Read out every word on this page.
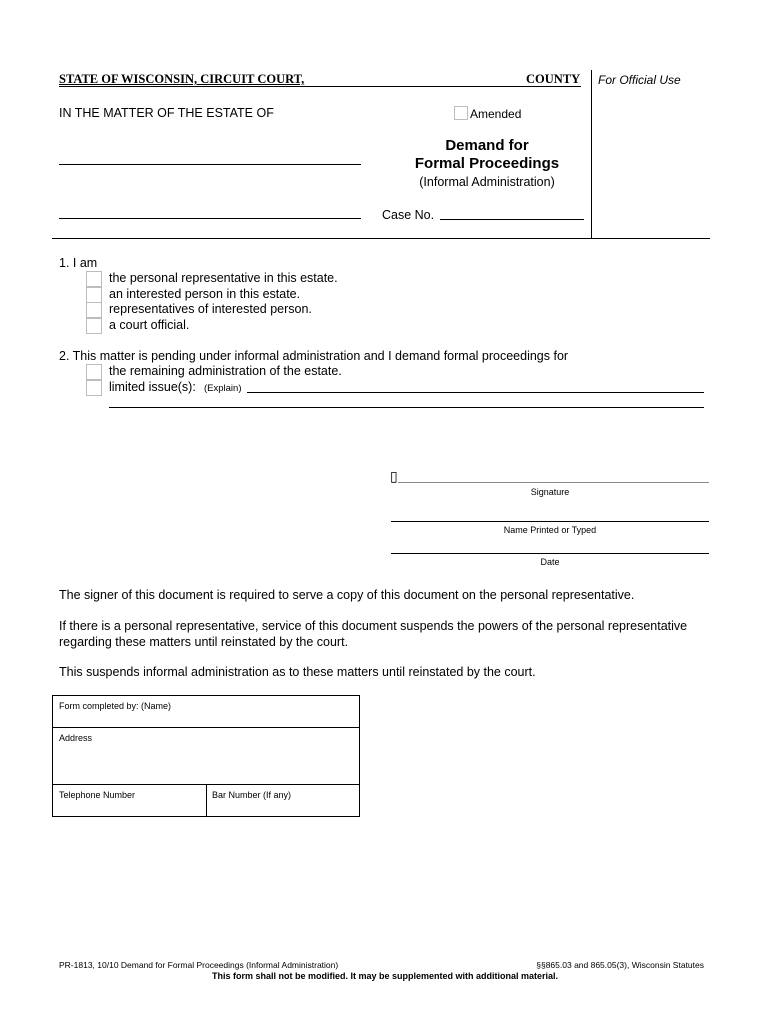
STATE OF WISCONSIN, CIRCUIT COURT,	COUNTY For Official Use
IN THE MATTER OF THE ESTATE OF	Amended
Demand for
Formal Proceedings
(Informal Administration)
Case No.
1. I am
the personal representative in this estate.
an interested person in this estate.
representatives of interested person.
a court official.
2. This matter is pending under informal administration and I demand formal proceedings for
the remaining administration of the estate.
limited issue(s): (Explain)
▯
Signature
Name Printed or Typed
Date
The signer of this document is required to serve a copy of this document on the personal representative.
If there is a personal representative, service of this document suspends the powers of the personal representative
regarding these matters until reinstated by the court.
This suspends informal administration as to these matters until reinstated by the court.
Form completed by: (Name)
Address
Telephone Number	Bar Number (If any)
PR-1813, 10/10 Demand for Formal Proceedings (Informal Administration)	§§865.03 and 865.05(3), Wisconsin Statutes
This form shall not be modified. It may be supplemented with additional material.
